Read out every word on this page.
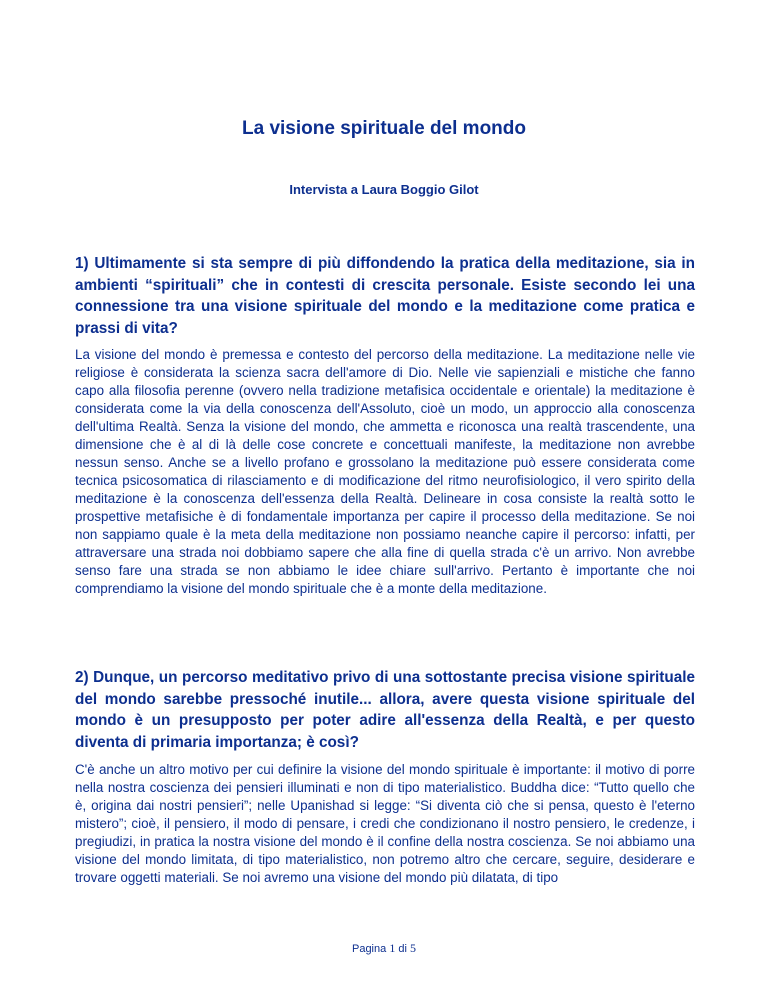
La visione spirituale del mondo

Intervista a Laura Boggio Gilot

1) Ultimamente si sta sempre di più diffondendo la pratica della meditazione, sia in ambienti “spirituali” che in contesti di crescita personale. Esiste secondo lei una connessione tra una visione spirituale del mondo e la meditazione come pratica e prassi di vita?

La visione del mondo è premessa e contesto del percorso della meditazione. La meditazione nelle vie religiose è considerata la scienza sacra dell'amore di Dio. Nelle vie sapienziali e mistiche che fanno capo alla filosofia perenne (ovvero nella tradizione metafisica occidentale e orientale) la meditazione è considerata come la via della conoscenza dell'Assoluto, cioè un modo, un approccio alla conoscenza dell'ultima Realtà. Senza la visione del mondo, che ammetta e riconosca una realtà trascendente, una dimensione che è al di là delle cose concrete e concettuali manifeste, la meditazione non avrebbe nessun senso. Anche se a livello profano e grossolano la meditazione può essere considerata come tecnica psicosomatica di rilasciamento e di modificazione del ritmo neurofisiologico, il vero spirito della meditazione è la conoscenza dell'essenza della Realtà. Delineare in cosa consiste la realtà sotto le prospettive metafisiche è di fondamentale importanza per capire il processo della meditazione. Se noi non sappiamo quale è la meta della meditazione non possiamo neanche capire il percorso: infatti, per attraversare una strada noi dobbiamo sapere che alla fine di quella strada c'è un arrivo. Non avrebbe senso fare una strada se non abbiamo le idee chiare sull'arrivo. Pertanto è importante che noi comprendiamo la visione del mondo spirituale che è a monte della meditazione.

2) Dunque, un percorso meditativo privo di una sottostante precisa visione spirituale del mondo sarebbe pressoché inutile... allora, avere questa visione spirituale del mondo è un presupposto per poter adire all'essenza della Realtà, e per questo diventa di primaria importanza; è così?

C'è anche un altro motivo per cui definire la visione del mondo spirituale è importante: il motivo di porre nella nostra coscienza dei pensieri illuminati e non di tipo materialistico. Buddha dice: “Tutto quello che è, origina dai nostri pensieri”; nelle Upanishad si legge: “Si diventa ciò che si pensa, questo è l'eterno mistero”; cioè, il pensiero, il modo di pensare, i credi che condizionano il nostro pensiero, le credenze, i pregiudizi, in pratica la nostra visione del mondo è il confine della nostra coscienza. Se noi abbiamo una visione del mondo limitata, di tipo materialistico, non potremo altro che cercare, seguire, desiderare e trovare oggetti materiali. Se noi avremo una visione del mondo più dilatata, di tipo

Pagina 1 di 5
